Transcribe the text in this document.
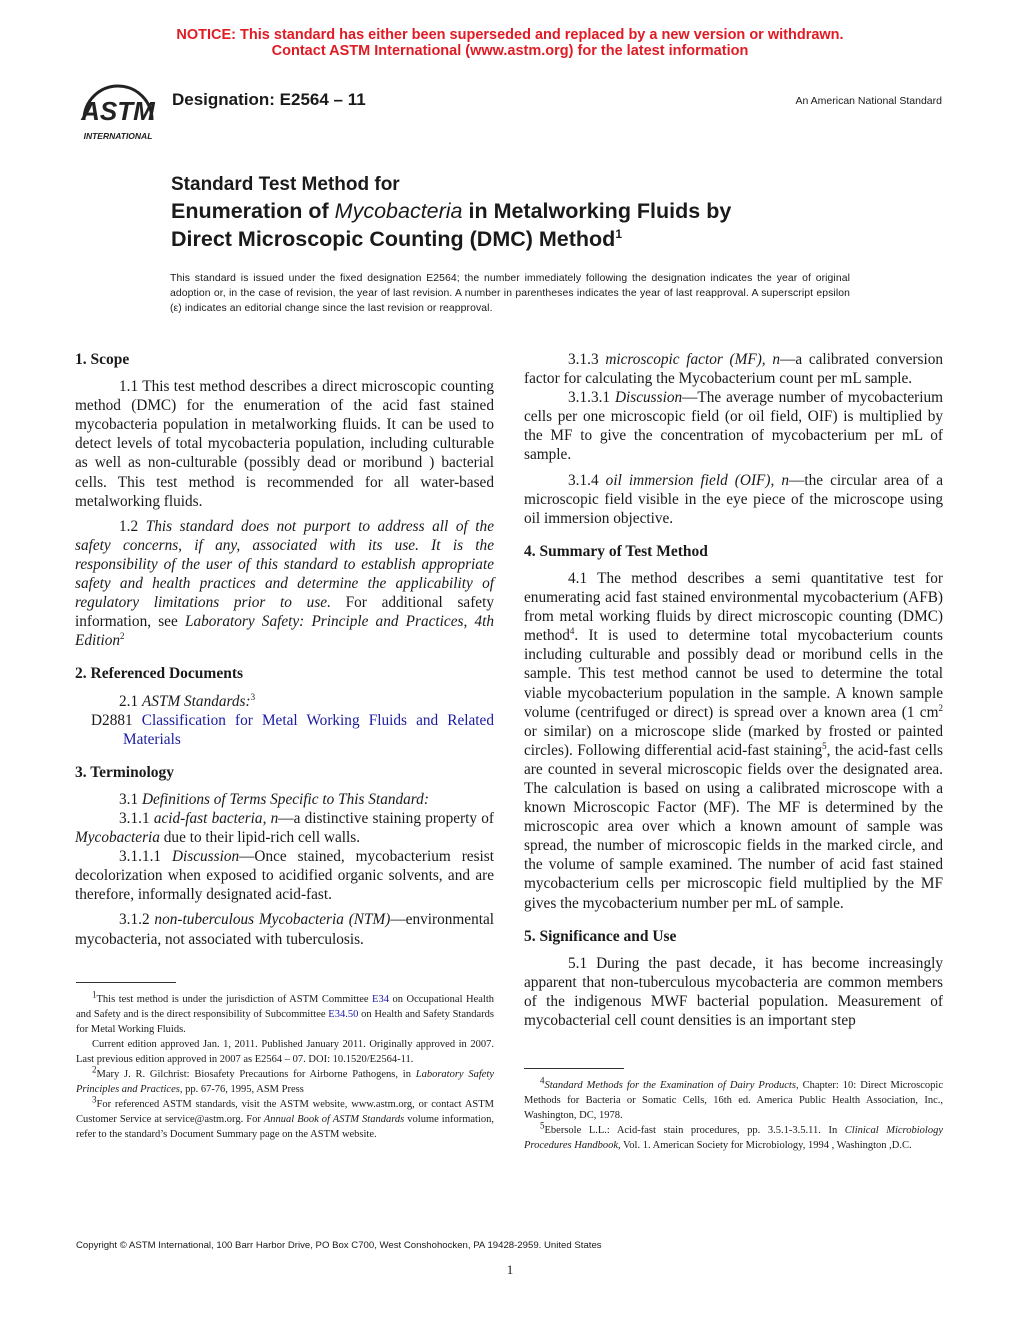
NOTICE: This standard has either been superseded and replaced by a new version or withdrawn.
Contact ASTM International (www.astm.org) for the latest information
ASTM
INTERNATIONAL
Designation: E2564 – 11	An American National Standard
Standard Test Method for
Enumeration of Mycobacteria in Metalworking Fluids by
Direct Microscopic Counting (DMC) Method$^1$
This standard is issued under the fixed designation E2564; the number immediately following the designation indicates the year of original adoption or, in the case of revision, the year of last revision. A number in parentheses indicates the year of last reapproval. A superscript epsilon (ε) indicates an editorial change since the last revision or reapproval.

1. Scope

1.1 This test method describes a direct microscopic counting method (DMC) for the enumeration of the acid fast stained mycobacteria population in metalworking fluids. It can be used to detect levels of total mycobacteria population, including culturable as well as non-culturable (possibly dead or moribund ) bacterial cells. This test method is recommended for all water-based metalworking fluids.

1.2 This standard does not purport to address all of the safety concerns, if any, associated with its use. It is the responsibility of the user of this standard to establish appropriate safety and health practices and determine the applicability of regulatory limitations prior to use. For additional safety information, see Laboratory Safety: Principle and Practices, 4th Edition$^2$

2. Referenced Documents

2.1 ASTM Standards:$^3$

D2881 Classification for Metal Working Fluids and Related Materials

3. Terminology

3.1 Definitions of Terms Specific to This Standard:

3.1.1 acid-fast bacteria, n—a distinctive staining property of Mycobacteria due to their lipid-rich cell walls.

3.1.1.1 Discussion—Once stained, mycobacterium resist decolorization when exposed to acidified organic solvents, and are therefore, informally designated acid-fast.

3.1.2 non-tuberculous Mycobacteria (NTM)—environmental mycobacteria, not associated with tuberculosis.

3.1.3 microscopic factor (MF), n—a calibrated conversion factor for calculating the Mycobacterium count per mL sample.

3.1.3.1 Discussion—The average number of mycobacterium cells per one microscopic field (or oil field, OIF) is multiplied by the MF to give the concentration of mycobacterium per mL of sample.

3.1.4 oil immersion field (OIF), n—the circular area of a microscopic field visible in the eye piece of the microscope using oil immersion objective.

4. Summary of Test Method

4.1 The method describes a semi quantitative test for enumerating acid fast stained environmental mycobacterium (AFB) from metal working fluids by direct microscopic counting (DMC) method$^4$. It is used to determine total mycobacterium counts including culturable and possibly dead or moribund cells in the sample. This test method cannot be used to determine the total viable mycobacterium population in the sample. A known sample volume (centrifuged or direct) is spread over a known area (1 $cm^2$ or similar) on a microscope slide (marked by frosted or painted circles). Following differential acid-fast staining$^5$, the acid-fast cells are counted in several microscopic fields over the designated area. The calculation is based on using a calibrated microscope with a known Microscopic Factor (MF). The MF is determined by the microscopic area over which a known amount of sample was spread, the number of microscopic fields in the marked circle, and the volume of sample examined. The number of acid fast stained mycobacterium cells per microscopic field multiplied by the MF gives the mycobacterium number per mL of sample.

5. Significance and Use

5.1 During the past decade, it has become increasingly apparent that non-tuberculous mycobacteria are common members of the indigenous MWF bacterial population. Measurement of mycobacterial cell count densities is an important step

$^1$This test method is under the jurisdiction of ASTM Committee E34 on Occupational Health and Safety and is the direct responsibility of Subcommittee E34.50 on Health and Safety Standards for Metal Working Fluids.

Current edition approved Jan. 1, 2011. Published January 2011. Originally approved in 2007. Last previous edition approved in 2007 as E2564 – 07. DOI: 10.1520/E2564-11.

$^2$Mary J. R. Gilchrist: Biosafety Precautions for Airborne Pathogens, in Laboratory Safety Principles and Practices, pp. 67-76, 1995, ASM Press

$^3$For referenced ASTM standards, visit the ASTM website, www.astm.org, or contact ASTM Customer Service at service@astm.org. For Annual Book of ASTM Standards volume information, refer to the standard’s Document Summary page on the ASTM website.

$^4$Standard Methods for the Examination of Dairy Products, Chapter: 10: Direct Microscopic Methods for Bacteria or Somatic Cells, 16th ed. America Public Health Association, Inc., Washington, DC, 1978.

$^5$Ebersole L.L.: Acid-fast stain procedures, pp. 3.5.1-3.5.11. In Clinical Microbiology Procedures Handbook, Vol. 1. American Society for Microbiology, 1994 , Washington ,D.C.

Copyright © ASTM International, 100 Barr Harbor Drive, PO Box C700, West Conshohocken, PA 19428-2959. United States
1
